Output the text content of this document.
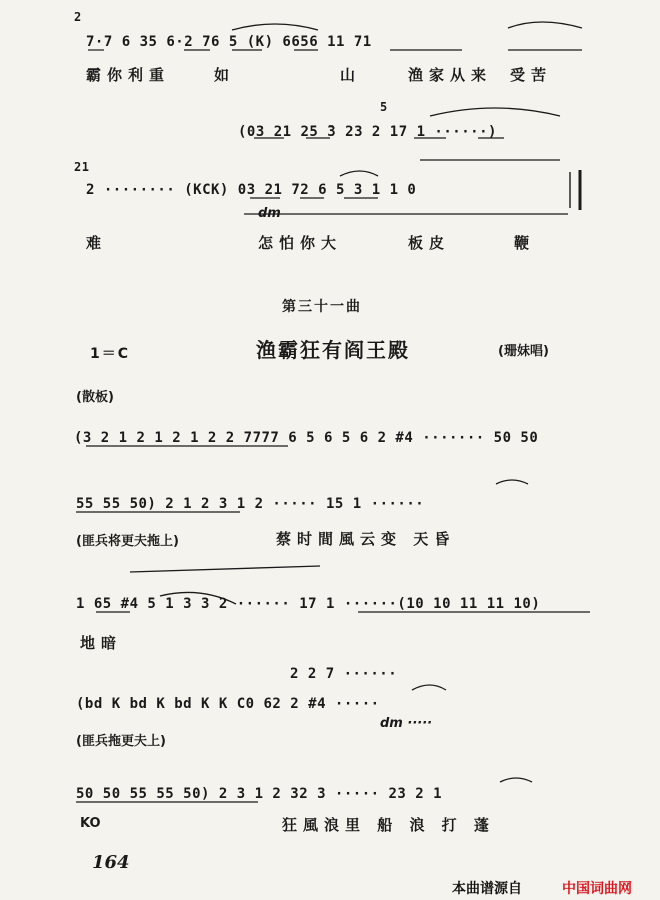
2
7·7 6 35 6·2 76 5 (K) 6656 11 71
霸你利重	如	山	渔家从来 受苦
5
(03 21 25 ̄3 23 2 17 1 ······)
21
2 ········ (KCK) 03 21 72 6 5 3 1 1 0
dm
难	怎怕你大	板皮	鞭
第三十一曲
1＝C	渔霸狂有阎王殿	(珊妹唱)
(散板)
(3 2 1 2 1 2 1 2 2 7777 6 5 6 5 6 2 #4 ······· 50 50
55 55 50) 2 1 2 3 1 2 ····· 15 1 ······
(匪兵将更夫拖上)	蔡时間風云变 天昏
1 65 #4 5 1 3 3 2 ······ 17 1 ······(10 10 11 11 10)
地暗
2 2 7 ······
(bd K bd K bd K K C0 62 2 #4 ·····
dm ·····
(匪兵拖更夫上)
50 50 55 55 50) 2 3 1 2 32 3 ····· 23 2 1
KO	狂風浪里 船 浪 打 蓬
164
本曲谱源自	中国词曲网
